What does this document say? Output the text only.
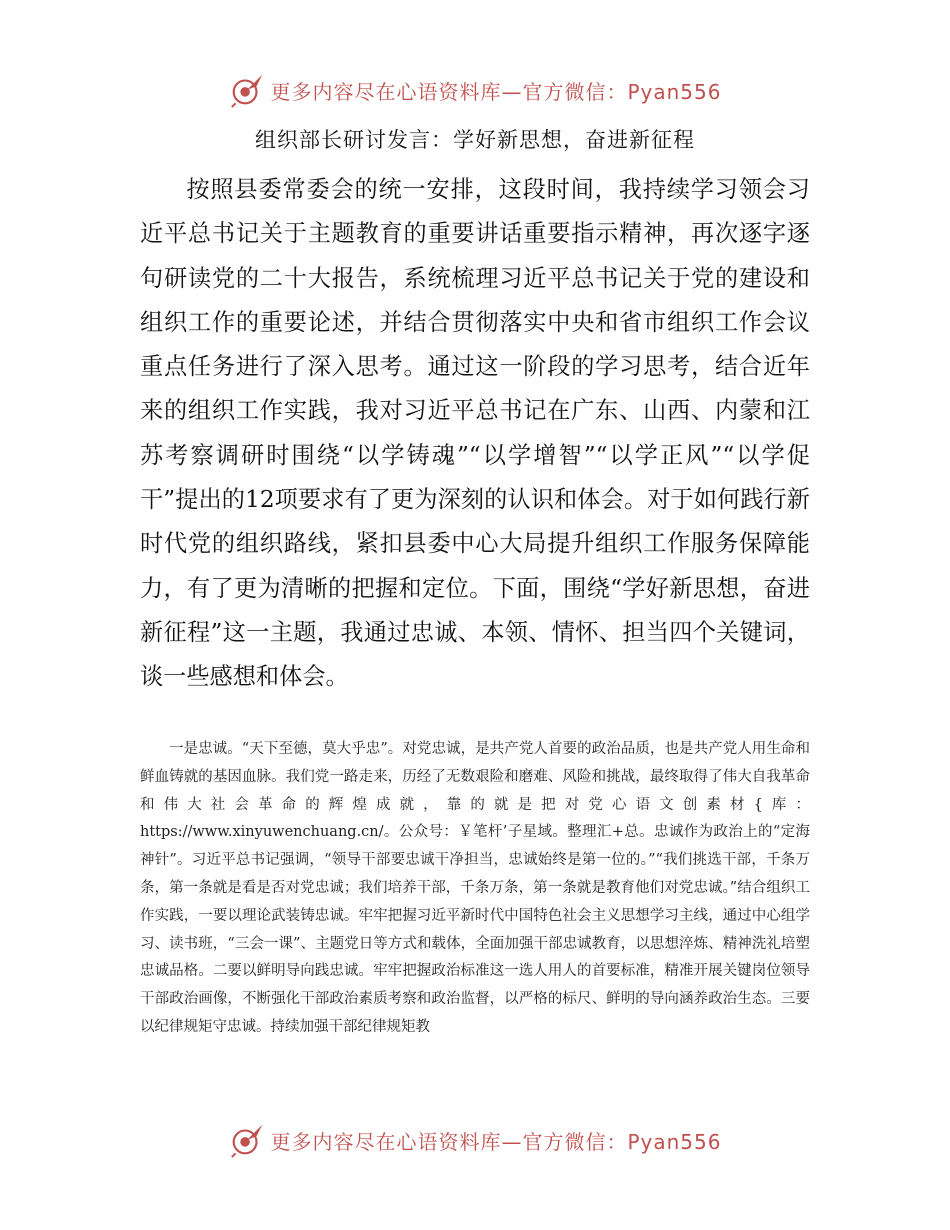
更多内容尽在心语资料库—官方微信：Pyan556
组织部长研讨发言：学好新思想，奋进新征程

按照县委常委会的统一安排，这段时间，我持续学习领会习近平总书记关于主题教育的重要讲话重要指示精神，再次逐字逐句研读党的二十大报告，系统梳理习近平总书记关于党的建设和组织工作的重要论述，并结合贯彻落实中央和省市组织工作会议重点任务进行了深入思考。通过这一阶段的学习思考，结合近年来的组织工作实践，我对习近平总书记在广东、山西、内蒙和江苏考察调研时围绕“以学铸魂”“以学增智”“以学正风”“以学促干”提出的12项要求有了更为深刻的认识和体会。对于如何践行新时代党的组织路线，紧扣县委中心大局提升组织工作服务保障能力，有了更为清晰的把握和定位。下面，围绕“学好新思想，奋进新征程”这一主题，我通过忠诚、本领、情怀、担当四个关键词，谈一些感想和体会。

一是忠诚。“天下至德，莫大乎忠”。对党忠诚，是共产党人首要的政治品质，也是共产党人用生命和鲜血铸就的基因血脉。我们党一路走来，历经了无数艰险和磨难、风险和挑战，最终取得了伟大自我革命和伟大社会革命的辉煌成就，靠的就是把对党心语文创素材{库：https://www.xinyuwenchuang.cn/。公众号：￥笔杆’子星域。整理汇+总。忠诚作为政治上的“定海神针”。习近平总书记强调，“领导干部要忠诚干净担当，忠诚始终是第一位的。”“我们挑选干部，千条万条，第一条就是看是否对党忠诚；我们培养干部，千条万条，第一条就是教育他们对党忠诚。”结合组织工作实践，一要以理论武装铸忠诚。牢牢把握习近平新时代中国特色社会主义思想学习主线，通过中心组学习、读书班，“三会一课”、主题党日等方式和载体，全面加强干部忠诚教育，以思想淬炼、精神洗礼培塑忠诚品格。二要以鲜明导向践忠诚。牢牢把握政治标准这一选人用人的首要标准，精准开展关键岗位领导干部政治画像，不断强化干部政治素质考察和政治监督，以严格的标尺、鲜明的导向涵养政治生态。三要以纪律规矩守忠诚。持续加强干部纪律规矩教

更多内容尽在心语资料库—官方微信：Pyan556
